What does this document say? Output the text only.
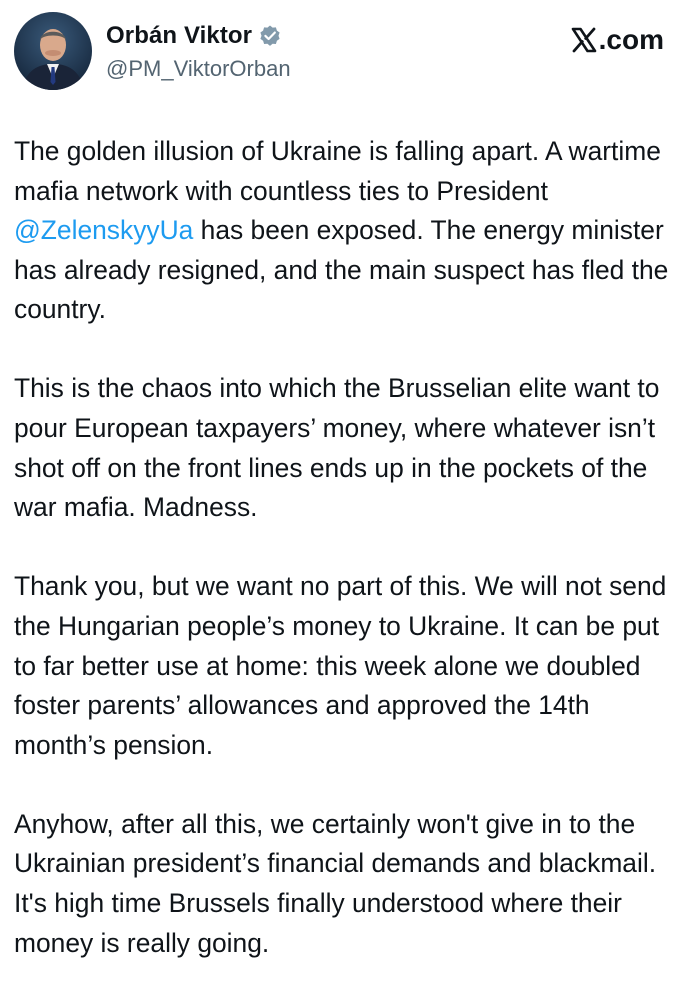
Orbán Viktor
@PM_ViktorOrban
.com

The golden illusion of Ukraine is falling apart. A wartime mafia network with countless ties to President @ZelenskyyUa has been exposed. The energy minister has already resigned, and the main suspect has fled the country.

This is the chaos into which the Brusselian elite want to pour European taxpayers’ money, where whatever isn’t shot off on the front lines ends up in the pockets of the war mafia. Madness.

Thank you, but we want no part of this. We will not send the Hungarian people’s money to Ukraine. It can be put to far better use at home: this week alone we doubled foster parents’ allowances and approved the 14th month’s pension.

Anyhow, after all this, we certainly won't give in to the Ukrainian president’s financial demands and blackmail. It's high time Brussels finally understood where their money is really going.
